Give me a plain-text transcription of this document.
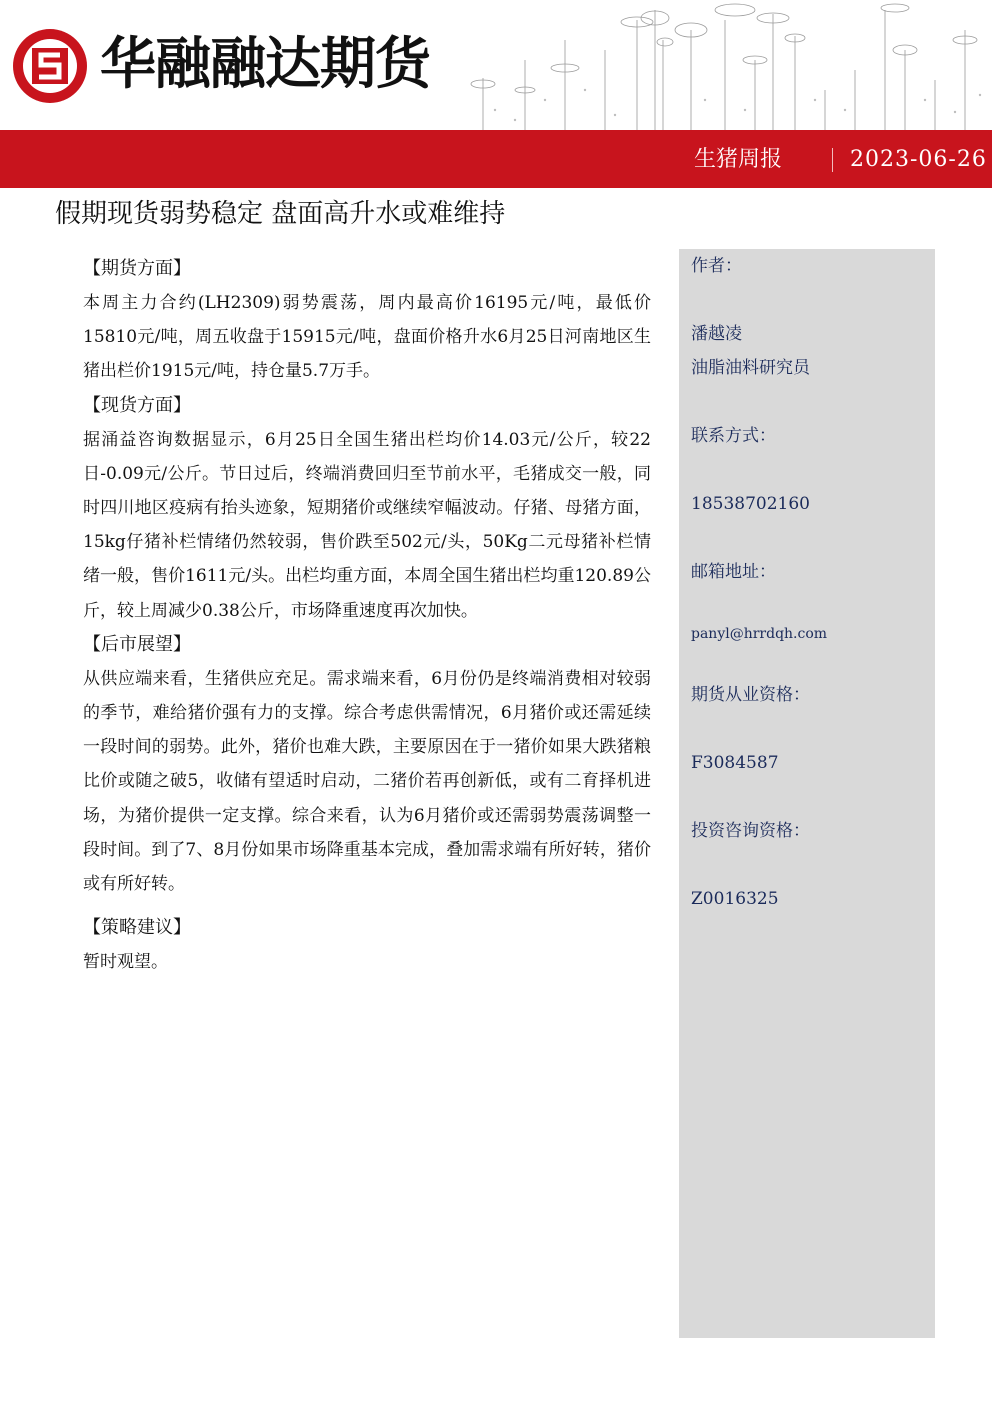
华融融达期货
生猪周报	2023-06-26
假期现货弱势稳定 盘面高升水或难维持
【期货方面】

本周主力合约(LH2309)弱势震荡，周内最高价16195元/吨，最低价15810元/吨，周五收盘于15915元/吨，盘面价格升水6月25日河南地区生猪出栏价1915元/吨，持仓量5.7万手。

【现货方面】

据涌益咨询数据显示，6月25日全国生猪出栏均价14.03元/公斤，较22日-0.09元/公斤。节日过后，终端消费回归至节前水平，毛猪成交一般，同时四川地区疫病有抬头迹象，短期猪价或继续窄幅波动。仔猪、母猪方面，15kg仔猪补栏情绪仍然较弱，售价跌至502元/头，50Kg二元母猪补栏情绪一般，售价1611元/头。出栏均重方面，本周全国生猪出栏均重120.89公斤，较上周减少0.38公斤，市场降重速度再次加快。

【后市展望】

从供应端来看，生猪供应充足。需求端来看，6月份仍是终端消费相对较弱的季节，难给猪价强有力的支撑。综合考虑供需情况，6月猪价或还需延续一段时间的弱势。此外，猪价也难大跌，主要原因在于一猪价如果大跌猪粮比价或随之破5，收储有望适时启动，二猪价若再创新低，或有二育择机进场，为猪价提供一定支撑。综合来看，认为6月猪价或还需弱势震荡调整一段时间。到了7、8月份如果市场降重基本完成，叠加需求端有所好转，猪价或有所好转。

【策略建议】

暂时观望。

作者：
潘越凌
油脂油料研究员
联系方式：
18538702160
邮箱地址：
panyl@hrrdqh.com
期货从业资格：
F3084587
投资咨询资格：
Z0016325
